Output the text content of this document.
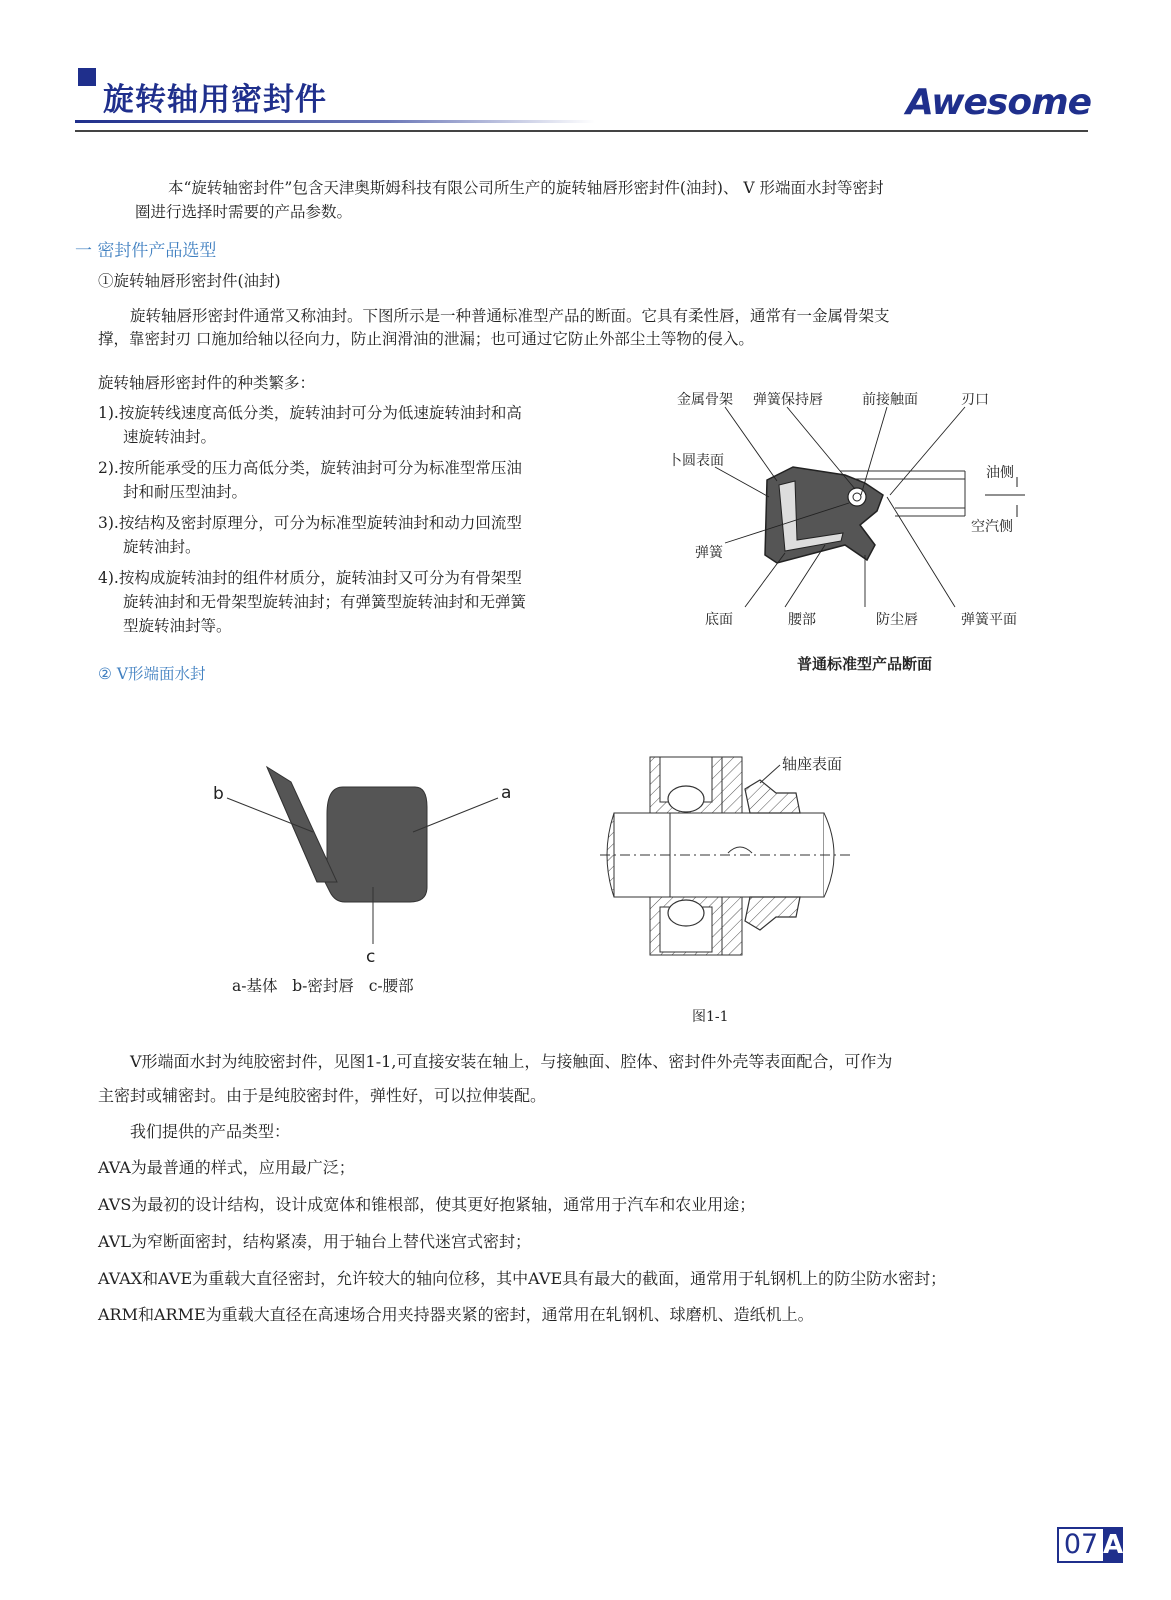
旋转轴用密封件	Awesome
本“旋转轴密封件”包含天津奥斯姆科技有限公司所生产的旋转轴唇形密封件(油封)、 V 形端面水封等密封
圈进行选择时需要的产品参数。
一 密封件产品选型
①旋转轴唇形密封件(油封)
旋转轴唇形密封件通常又称油封。下图所示是一种普通标准型产品的断面。它具有柔性唇，通常有一金属骨架支
撑，靠密封刃 口施加给轴以径向力，防止润滑油的泄漏；也可通过它防止外部尘土等物的侵入。
旋转轴唇形密封件的种类繁多：
1).按旋转线速度高低分类，旋转油封可分为低速旋转油封和高
速旋转油封。
2).按所能承受的压力高低分类，旋转油封可分为标准型常压油
封和耐压型油封。
3).按结构及密封原理分，可分为标准型旋转油封和动力回流型
旋转油封。
4).按构成旋转油封的组件材质分，旋转油封又可分为有骨架型
旋转油封和无骨架型旋转油封；有弹簧型旋转油封和无弹簧
型旋转油封等。
② V形端面水封
金属骨架 弹簧保持唇	前接触面	刃口
卜圆表面
油侧
空汽侧
弹簧
底面	腰部	防尘唇	弹簧平面
普通标准型产品断面
b	a
c
a-基体   b-密封唇   c-腰部
轴座表面
图1-1
V形端面水封为纯胶密封件，见图1-1,可直接安装在轴上，与接触面、腔体、密封件外壳等表面配合，可作为
主密封或辅密封。由于是纯胶密封件，弹性好，可以拉伸装配。
我们提供的产品类型：
AVA为最普通的样式，应用最广泛；
AVS为最初的设计结构，设计成宽体和锥根部，使其更好抱紧轴，通常用于汽车和农业用途；
AVL为窄断面密封，结构紧凑，用于轴台上替代迷宫式密封；
AVAX和AVE为重载大直径密封，允许较大的轴向位移，其中AVE具有最大的截面，通常用于轧钢机上的防尘防水密封；
ARM和ARME为重载大直径在高速场合用夹持器夹紧的密封，通常用在轧钢机、球磨机、造纸机上。
07 A
